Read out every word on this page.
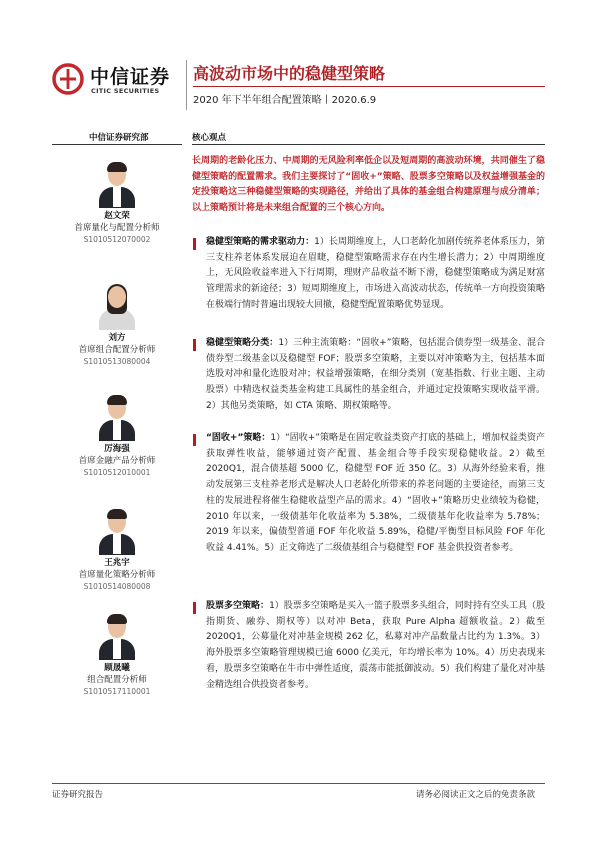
中信证券
CITIC SECURITIES
高波动市场中的稳健型策略
2020 年下半年组合配置策略丨2020.6.9
中信证券研究部	核心观点
赵文荣
首席量化与配置分析师
S1010512070002
刘方
首席组合配置分析师
S1010513080004
厉海强
首席金融产品分析师
S1010512010001
王兆宇
首席量化策略分析师
S1010514080008
顾晟曦
组合配置分析师
S1010517110001
长周期的老龄化压力、中周期的无风险利率低企以及短周期的高波动环境，共同催生了稳健型策略的配置需求。我们主要探讨了“固收+”策略、股票多空策略以及权益增强基金的定投策略这三种稳健型策略的实现路径，并给出了具体的基金组合构建原理与成分清单；以上策略预计将是未来组合配置的三个核心方向。
稳健型策略的需求驱动力：1）长周期维度上，人口老龄化加剧传统养老体系压力，第三支柱养老体系发展迫在眉睫，稳健型策略需求存在内生增长潜力；2）中周期维度上，无风险收益率进入下行周期，理财产品收益不断下滑，稳健型策略成为满足财富管理需求的新途径；3）短周期维度上，市场进入高波动状态，传统单一方向投资策略在极端行情时普遍出现较大回撤，稳健型配置策略优势显现。
稳健型策略分类：1）三种主流策略：“固收+”策略，包括混合债券型一级基金、混合债券型二级基金以及稳健型 FOF；股票多空策略，主要以对冲策略为主，包括基本面选股对冲和量化选股对冲；权益增强策略，在细分类别（宽基指数、行业主题、主动股票）中精选权益类基金构建工具属性的基金组合，并通过定投策略实现收益平滑。2）其他另类策略，如 CTA 策略、期权策略等。
“固收+”策略：1）“固收+”策略是在固定收益类资产打底的基础上，增加权益类资产获取弹性收益，能够通过资产配置、基金组合等手段实现稳健收益。2）截至 2020Q1，混合债基超 5000 亿，稳健型 FOF 近 350 亿。3）从海外经验来看，推动发展第三支柱养老形式是解决人口老龄化所带来的养老问题的主要途径，而第三支柱的发展进程将催生稳健收益型产品的需求。4）“固收+”策略历史业绩较为稳健， 2010 年以来，一级债基年化收益率为 5.38%，二级债基年化收益率为 5.78%；2019 年以来，偏债型普通 FOF 年化收益 5.89%，稳健/平衡型目标风险 FOF 年化收益 4.41%。5）正文筛选了二级债基组合与稳健型 FOF 基金供投资者参考。
股票多空策略：1）股票多空策略是买入一篮子股票多头组合，同时持有空头工具（股指期货、融券、期权等）以对冲 Beta，获取 Pure Alpha 超额收益。2）截至 2020Q1，公募量化对冲基金规模 262 亿，私募对冲产品数量占比约为 1.3%。3）海外股票多空策略管理规模已逾 6000 亿美元，年均增长率为 10%。4）历史表现来看，股票多空策略在牛市中弹性适度，震荡市能抵御波动。5）我们构建了量化对冲基金精选组合供投资者参考。
证券研究报告	请务必阅读正文之后的免责条款
